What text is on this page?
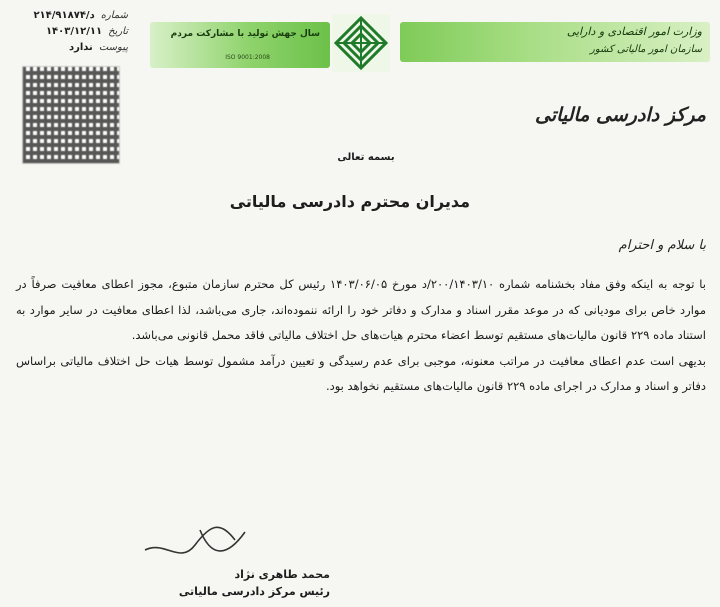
شماره
۲۱۴/۹۱۸۷۴/د
تاریخ
۱۴۰۳/۱۲/۱۱
پیوست
ندارد
سال جهش تولید با مشارکت مردم
ISO 9001:2008
وزارت امور اقتصادی و دارایی
سازمان امور مالیاتی کشور
مرکز دادرسی مالیاتی
بسمه تعالی
مدیران محترم دادرسی مالیاتی
با سلام و احترام

با توجه به اینکه وفق مفاد بخشنامه شماره ۲۰۰/۱۴۰۳/۱۰/د مورخ ۱۴۰۳/۰۶/۰۵ رئیس کل محترم سازمان متبوع، مجوز اعطای معافیت صرفاً در موارد خاص برای مودیانی که در موعد مقرر اسناد و مدارک و دفاتر خود را ارائه ننموده‌اند، جاری می‌باشد، لذا اعطای معافیت در سایر موارد به استناد ماده ۲۲۹ قانون مالیات‌های مستقیم توسط اعضاء محترم هیات‌های حل اختلاف مالیاتی فاقد محمل قانونی می‌باشد.

بدیهی است عدم اعطای معافیت در مراتب معنونه، موجبی برای عدم رسیدگی و تعیین درآمد مشمول توسط هیات حل اختلاف مالیاتی براساس دفاتر و اسناد و مدارک در اجرای ماده ۲۲۹ قانون مالیات‌های مستقیم نخواهد بود.

محمد طاهری نژاد
رئیس مرکز دادرسی مالیاتی
